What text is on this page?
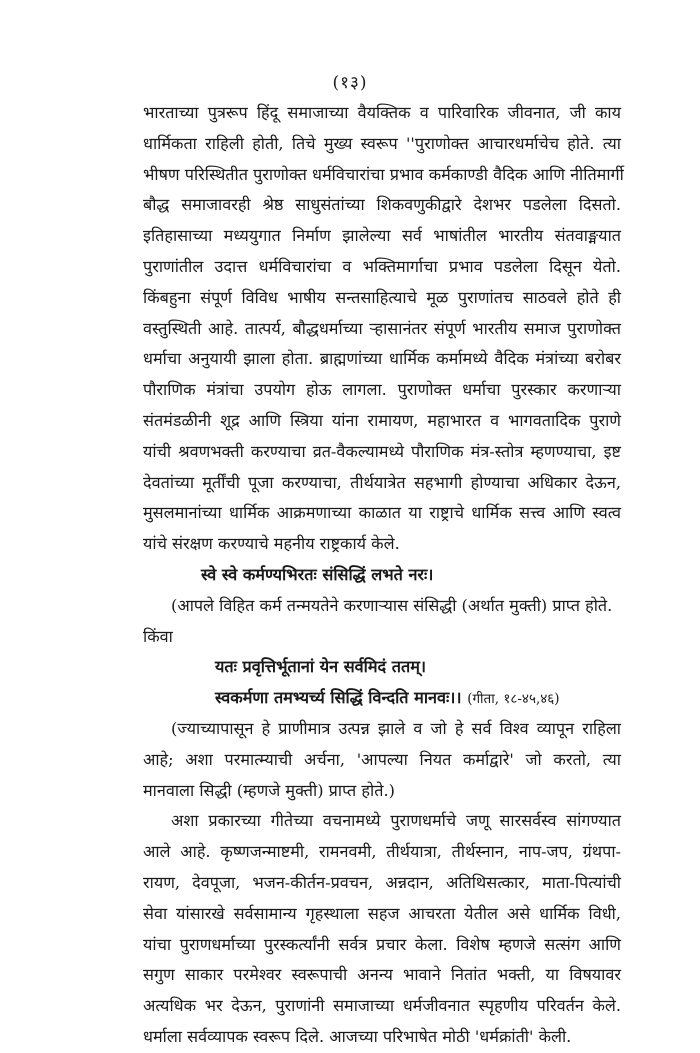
(१३)
भारताच्या पुत्ररूप हिंदू समाजाच्या वैयक्तिक व पारिवारिक जीवनात, जी काय
धार्मिकता राहिली होती, तिचे मुख्य स्वरूप ''पुराणोक्त आचारधर्माचेच होते. त्या
भीषण परिस्थितीत पुराणोक्त धर्मविचारांचा प्रभाव कर्मकाण्डी वैदिक आणि नीतिमार्गी
बौद्ध समाजावरही श्रेष्ठ साधुसंतांच्या शिकवणुकीद्वारे देशभर पडलेला दिसतो.
इतिहासाच्या मध्ययुगात निर्माण झालेल्या सर्व भाषांतील भारतीय संतवाङ्मयात
पुराणांतील उदात्त धर्मविचारांचा व भक्तिमार्गाचा प्रभाव पडलेला दिसून येतो.
किंबहुना संपूर्ण विविध भाषीय सन्तसाहित्याचे मूळ पुराणांतच साठवले होते ही
वस्तुस्थिती आहे. तात्पर्य, बौद्धधर्माच्या ऱ्हासानंतर संपूर्ण भारतीय समाज पुराणोक्त
धर्माचा अनुयायी झाला होता. ब्राह्मणांच्या धार्मिक कर्मामध्ये वैदिक मंत्रांच्या बरोबर
पौराणिक मंत्रांचा उपयोग होऊ लागला. पुराणोक्त धर्माचा पुरस्कार करणाऱ्या
संतमंडळीनी शूद्र आणि स्त्रिया यांना रामायण, महाभारत व भागवतादिक पुराणे
यांची श्रवणभक्ती करण्याचा व्रत-वैकल्यामध्ये पौराणिक मंत्र-स्तोत्र म्हणण्याचा, इष्ट
देवतांच्या मूर्तींची पूजा करण्याचा, तीर्थयात्रेत सहभागी होण्याचा अधिकार देऊन,
मुसलमानांच्या धार्मिक आक्रमणाच्या काळात या राष्ट्राचे धार्मिक सत्त्व आणि स्वत्व
यांचे संरक्षण करण्याचे महनीय राष्ट्रकार्य केले.
स्वे स्वे कर्मण्यभिरतः संसिद्धिं लभते नरः।
(आपले विहित कर्म तन्मयतेने करणाऱ्यास संसिद्धी (अर्थात मुक्ती) प्राप्त होते.
किंवा
यतः प्रवृत्तिर्भूतानां येन सर्वमिदं ततम्।
स्वकर्मणा तमभ्यर्च्य सिद्धिं विन्दति मानवः।। (गीता, १८-४५,४६)
(ज्याच्यापासून हे प्राणीमात्र उत्पन्न झाले व जो हे सर्व विश्व व्यापून राहिला
आहे; अशा परमात्म्याची अर्चना, 'आपल्या नियत कर्माद्वारे' जो करतो, त्या
मानवाला सिद्धी (म्हणजे मुक्ती) प्राप्त होते.)
अशा प्रकारच्या गीतेच्या वचनामध्ये पुराणधर्माचे जणू सारसर्वस्व सांगण्यात
आले आहे. कृष्णजन्माष्टमी, रामनवमी, तीर्थयात्रा, तीर्थस्नान, नाप-जप, ग्रंथपा-
रायण, देवपूजा, भजन-कीर्तन-प्रवचन, अन्नदान, अतिथिसत्कार, माता-पित्यांची
सेवा यांसारखे सर्वसामान्य गृहस्थाला सहज आचरता येतील असे धार्मिक विधी,
यांचा पुराणधर्माच्या पुरस्कर्त्यांनी सर्वत्र प्रचार केला. विशेष म्हणजे सत्संग आणि
सगुण साकार परमेश्वर स्वरूपाची अनन्य भावाने नितांत भक्ती, या विषयावर
अत्यधिक भर देऊन, पुराणांनी समाजाच्या धर्मजीवनात स्पृहणीय परिवर्तन केले.
धर्माला सर्वव्यापक स्वरूप दिले. आजच्या परिभाषेत मोठी 'धर्मक्रांती' केली.
